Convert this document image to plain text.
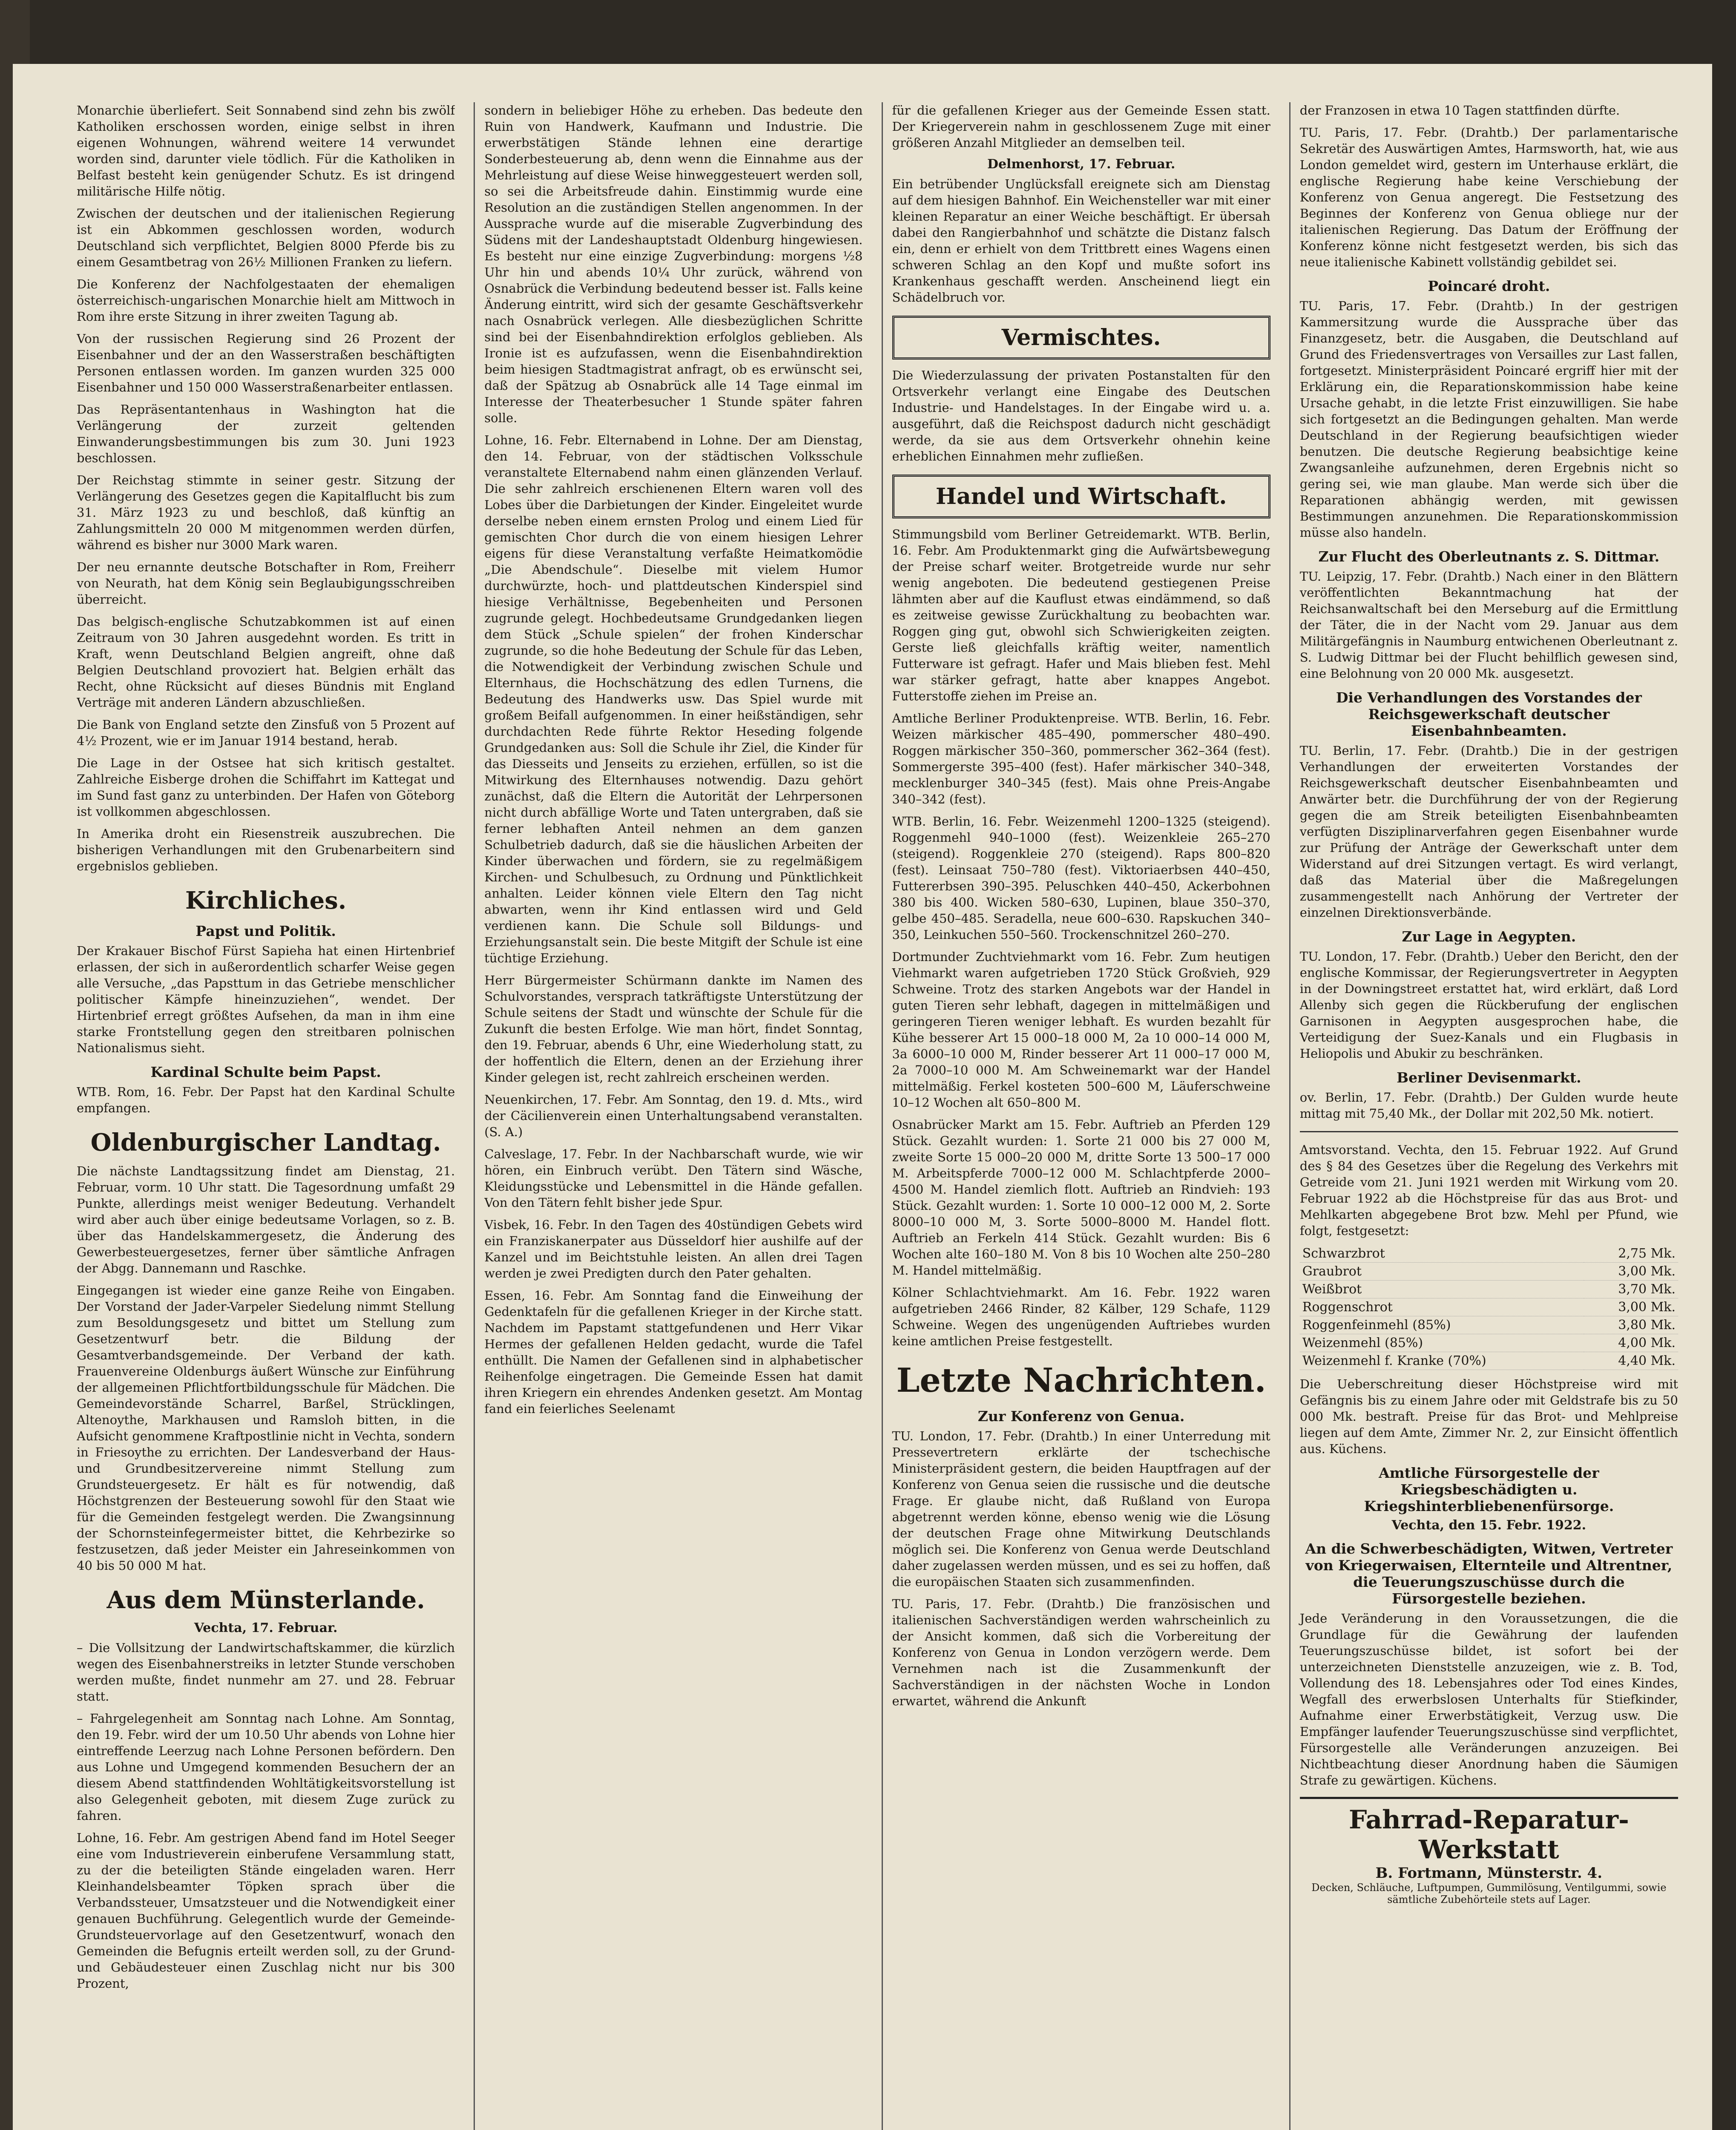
Monarchie überliefert. Seit Sonnabend sind zehn bis zwölf Katholiken erschossen worden, einige selbst in ihren eigenen Wohnungen, während weitere 14 verwundet worden sind, darunter viele tödlich. Für die Katholiken in Belfast besteht kein genügender Schutz. Es ist dringend militärische Hilfe nötig.

Zwischen der deutschen und der italienischen Regierung ist ein Abkommen geschlossen worden, wodurch Deutschland sich verpflichtet, Belgien 8000 Pferde bis zu einem Gesamtbetrag von 26½ Millionen Franken zu liefern.

Die Konferenz der Nachfolgestaaten der ehemaligen österreichisch-ungarischen Monarchie hielt am Mittwoch in Rom ihre erste Sitzung in ihrer zweiten Tagung ab.

Von der russischen Regierung sind 26 Prozent der Eisenbahner und der an den Wasserstraßen beschäftigten Personen entlassen worden. Im ganzen wurden 325 000 Eisenbahner und 150 000 Wasserstraßenarbeiter entlassen.

Das Repräsentantenhaus in Washington hat die Verlängerung der zurzeit geltenden Einwanderungsbestimmungen bis zum 30. Juni 1923 beschlossen.

Der Reichstag stimmte in seiner gestr. Sitzung der Verlängerung des Gesetzes gegen die Kapitalflucht bis zum 31. März 1923 zu und beschloß, daß künftig an Zahlungsmitteln 20 000 M mitgenommen werden dürfen, während es bisher nur 3000 Mark waren.

Der neu ernannte deutsche Botschafter in Rom, Freiherr von Neurath, hat dem König sein Beglaubigungsschreiben überreicht.

Das belgisch-englische Schutzabkommen ist auf einen Zeitraum von 30 Jahren ausgedehnt worden. Es tritt in Kraft, wenn Deutschland Belgien angreift, ohne daß Belgien Deutschland provoziert hat. Belgien erhält das Recht, ohne Rücksicht auf dieses Bündnis mit England Verträge mit anderen Ländern abzuschließen.

Die Bank von England setzte den Zinsfuß von 5 Prozent auf 4½ Prozent, wie er im Januar 1914 bestand, herab.

Die Lage in der Ostsee hat sich kritisch gestaltet. Zahlreiche Eisberge drohen die Schiffahrt im Kattegat und im Sund fast ganz zu unterbinden. Der Hafen von Göteborg ist vollkommen abgeschlossen.

In Amerika droht ein Riesenstreik auszubrechen. Die bisherigen Verhandlungen mit den Grubenarbeitern sind ergebnislos geblieben.

Kirchliches.
Papst und Politik.

Der Krakauer Bischof Fürst Sapieha hat einen Hirtenbrief erlassen, der sich in außerordentlich scharfer Weise gegen alle Versuche, „das Papsttum in das Getriebe menschlicher politischer Kämpfe hineinzuziehen“, wendet. Der Hirtenbrief erregt größtes Aufsehen, da man in ihm eine starke Frontstellung gegen den streitbaren polnischen Nationalismus sieht.

Kardinal Schulte beim Papst.

WTB. Rom, 16. Febr. Der Papst hat den Kardinal Schulte empfangen.

Oldenburgischer Landtag.

Die nächste Landtagssitzung findet am Dienstag, 21. Februar, vorm. 10 Uhr statt. Die Tagesordnung umfaßt 29 Punkte, allerdings meist weniger Bedeutung. Verhandelt wird aber auch über einige bedeutsame Vorlagen, so z. B. über das Handelskammergesetz, die Änderung des Gewerbesteuergesetzes, ferner über sämtliche Anfragen der Abgg. Dannemann und Raschke.

Eingegangen ist wieder eine ganze Reihe von Eingaben. Der Vorstand der Jader-Varpeler Siedelung nimmt Stellung zum Besoldungsgesetz und bittet um Stellung zum Gesetzentwurf betr. die Bildung der Gesamtverbandsgemeinde. Der Verband der kath. Frauenvereine Oldenburgs äußert Wünsche zur Einführung der allgemeinen Pflichtfortbildungsschule für Mädchen. Die Gemeindevorstände Scharrel, Barßel, Strücklingen, Altenoythe, Markhausen und Ramsloh bitten, in die Aufsicht genommene Kraftpostlinie nicht in Vechta, sondern in Friesoythe zu errichten. Der Landesverband der Haus- und Grundbesitzervereine nimmt Stellung zum Grundsteuergesetz. Er hält es für notwendig, daß Höchstgrenzen der Besteuerung sowohl für den Staat wie für die Gemeinden festgelegt werden. Die Zwangsinnung der Schornsteinfegermeister bittet, die Kehrbezirke so festzusetzen, daß jeder Meister ein Jahreseinkommen von 40 bis 50 000 M hat.

Aus dem Münsterlande.
Vechta, 17. Februar.

– Die Vollsitzung der Landwirtschaftskammer, die kürzlich wegen des Eisenbahnerstreiks in letzter Stunde verschoben werden mußte, findet nunmehr am 27. und 28. Februar statt.

– Fahrgelegenheit am Sonntag nach Lohne. Am Sonntag, den 19. Febr. wird der um 10.50 Uhr abends von Lohne hier eintreffende Leerzug nach Lohne Personen befördern. Den aus Lohne und Umgegend kommenden Besuchern der an diesem Abend stattfindenden Wohltätigkeitsvorstellung ist also Gelegenheit geboten, mit diesem Zuge zurück zu fahren.

Lohne, 16. Febr. Am gestrigen Abend fand im Hotel Seeger eine vom Industrieverein einberufene Versammlung statt, zu der die beteiligten Stände eingeladen waren. Herr Kleinhandelsbeamter Töpken sprach über die Verbandssteuer, Umsatzsteuer und die Notwendigkeit einer genauen Buchführung. Gelegentlich wurde der Gemeinde-Grundsteuervorlage auf den Gesetzentwurf, wonach den Gemeinden die Befugnis erteilt werden soll, zu der Grund- und Gebäudesteuer einen Zuschlag nicht nur bis 300 Prozent,

sondern in beliebiger Höhe zu erheben. Das bedeute den Ruin von Handwerk, Kaufmann und Industrie. Die erwerbstätigen Stände lehnen eine derartige Sonderbesteuerung ab, denn wenn die Einnahme aus der Mehrleistung auf diese Weise hinweggesteuert werden soll, so sei die Arbeitsfreude dahin. Einstimmig wurde eine Resolution an die zuständigen Stellen angenommen. In der Aussprache wurde auf die miserable Zugverbindung des Südens mit der Landeshauptstadt Oldenburg hingewiesen. Es besteht nur eine einzige Zugverbindung: morgens ½8 Uhr hin und abends 10¼ Uhr zurück, während von Osnabrück die Verbindung bedeutend besser ist. Falls keine Änderung eintritt, wird sich der gesamte Geschäftsverkehr nach Osnabrück verlegen. Alle diesbezüglichen Schritte sind bei der Eisenbahndirektion erfolglos geblieben. Als Ironie ist es aufzufassen, wenn die Eisenbahndirektion beim hiesigen Stadtmagistrat anfragt, ob es erwünscht sei, daß der Spätzug ab Osnabrück alle 14 Tage einmal im Interesse der Theaterbesucher 1 Stunde später fahren solle.

Lohne, 16. Febr. Elternabend in Lohne. Der am Dienstag, den 14. Februar, von der städtischen Volksschule veranstaltete Elternabend nahm einen glänzenden Verlauf. Die sehr zahlreich erschienenen Eltern waren voll des Lobes über die Darbietungen der Kinder. Eingeleitet wurde derselbe neben einem ernsten Prolog und einem Lied für gemischten Chor durch die von einem hiesigen Lehrer eigens für diese Veranstaltung verfaßte Heimatkomödie „Die Abendschule“. Dieselbe mit vielem Humor durchwürzte, hoch- und plattdeutschen Kinderspiel sind hiesige Verhältnisse, Begebenheiten und Personen zugrunde gelegt. Hochbedeutsame Grundgedanken liegen dem Stück „Schule spielen“ der frohen Kinderschar zugrunde, so die hohe Bedeutung der Schule für das Leben, die Notwendigkeit der Verbindung zwischen Schule und Elternhaus, die Hochschätzung des edlen Turnens, die Bedeutung des Handwerks usw. Das Spiel wurde mit großem Beifall aufgenommen. In einer heißständigen, sehr durchdachten Rede führte Rektor Heseding folgende Grundgedanken aus: Soll die Schule ihr Ziel, die Kinder für das Diesseits und Jenseits zu erziehen, erfüllen, so ist die Mitwirkung des Elternhauses notwendig. Dazu gehört zunächst, daß die Eltern die Autorität der Lehrpersonen nicht durch abfällige Worte und Taten untergraben, daß sie ferner lebhaften Anteil nehmen an dem ganzen Schulbetrieb dadurch, daß sie die häuslichen Arbeiten der Kinder überwachen und fördern, sie zu regelmäßigem Kirchen- und Schulbesuch, zu Ordnung und Pünktlichkeit anhalten. Leider können viele Eltern den Tag nicht abwarten, wenn ihr Kind entlassen wird und Geld verdienen kann. Die Schule soll Bildungs- und Erziehungsanstalt sein. Die beste Mitgift der Schule ist eine tüchtige Erziehung.

Herr Bürgermeister Schürmann dankte im Namen des Schulvorstandes, versprach tatkräftigste Unterstützung der Schule seitens der Stadt und wünschte der Schule für die Zukunft die besten Erfolge. Wie man hört, findet Sonntag, den 19. Februar, abends 6 Uhr, eine Wiederholung statt, zu der hoffentlich die Eltern, denen an der Erziehung ihrer Kinder gelegen ist, recht zahlreich erscheinen werden.

Neuenkirchen, 17. Febr. Am Sonntag, den 19. d. Mts., wird der Cäcilienverein einen Unterhaltungsabend veranstalten. (S. A.)

Calveslage, 17. Febr. In der Nachbarschaft wurde, wie wir hören, ein Einbruch verübt. Den Tätern sind Wäsche, Kleidungsstücke und Lebensmittel in die Hände gefallen. Von den Tätern fehlt bisher jede Spur.

Visbek, 16. Febr. In den Tagen des 40stündigen Gebets wird ein Franziskanerpater aus Düsseldorf hier aushilfe auf der Kanzel und im Beichtstuhle leisten. An allen drei Tagen werden je zwei Predigten durch den Pater gehalten.

Essen, 16. Febr. Am Sonntag fand die Einweihung der Gedenktafeln für die gefallenen Krieger in der Kirche statt. Nachdem im Papstamt stattgefundenen und Herr Vikar Hermes der gefallenen Helden gedacht, wurde die Tafel enthüllt. Die Namen der Gefallenen sind in alphabetischer Reihenfolge eingetragen. Die Gemeinde Essen hat damit ihren Kriegern ein ehrendes Andenken gesetzt. Am Montag fand ein feierliches Seelenamt

für die gefallenen Krieger aus der Gemeinde Essen statt. Der Kriegerverein nahm in geschlossenem Zuge mit einer größeren Anzahl Mitglieder an demselben teil.

Delmenhorst, 17. Februar.

Ein betrübender Unglücksfall ereignete sich am Dienstag auf dem hiesigen Bahnhof. Ein Weichensteller war mit einer kleinen Reparatur an einer Weiche beschäftigt. Er übersah dabei den Rangierbahnhof und schätzte die Distanz falsch ein, denn er erhielt von dem Trittbrett eines Wagens einen schweren Schlag an den Kopf und mußte sofort ins Krankenhaus geschafft werden. Anscheinend liegt ein Schädelbruch vor.

Vermischtes.

Die Wiederzulassung der privaten Postanstalten für den Ortsverkehr verlangt eine Eingabe des Deutschen Industrie- und Handelstages. In der Eingabe wird u. a. ausgeführt, daß die Reichspost dadurch nicht geschädigt werde, da sie aus dem Ortsverkehr ohnehin keine erheblichen Einnahmen mehr zufließen.

Handel und Wirtschaft.

Stimmungsbild vom Berliner Getreidemarkt. WTB. Berlin, 16. Febr. Am Produktenmarkt ging die Aufwärtsbewegung der Preise scharf weiter. Brotgetreide wurde nur sehr wenig angeboten. Die bedeutend gestiegenen Preise lähmten aber auf die Kauflust etwas eindämmend, so daß es zeitweise gewisse Zurückhaltung zu beobachten war. Roggen ging gut, obwohl sich Schwierigkeiten zeigten. Gerste ließ gleichfalls kräftig weiter, namentlich Futterware ist gefragt. Hafer und Mais blieben fest. Mehl war stärker gefragt, hatte aber knappes Angebot. Futterstoffe ziehen im Preise an.

Amtliche Berliner Produktenpreise. WTB. Berlin, 16. Febr. Weizen märkischer 485–490, pommerscher 480–490. Roggen märkischer 350–360, pommerscher 362–364 (fest). Sommergerste 395–400 (fest). Hafer märkischer 340–348, mecklenburger 340–345 (fest). Mais ohne Preis-Angabe 340–342 (fest).

WTB. Berlin, 16. Febr. Weizenmehl 1200–1325 (steigend). Roggenmehl 940–1000 (fest). Weizenkleie 265–270 (steigend). Roggenkleie 270 (steigend). Raps 800–820 (fest). Leinsaat 750–780 (fest). Viktoriaerbsen 440–450, Futtererbsen 390–395. Peluschken 440–450, Ackerbohnen 380 bis 400. Wicken 580–630, Lupinen, blaue 350–370, gelbe 450–485. Seradella, neue 600–630. Rapskuchen 340–350, Leinkuchen 550–560. Trockenschnitzel 260–270.

Dortmunder Zuchtviehmarkt vom 16. Febr. Zum heutigen Viehmarkt waren aufgetrieben 1720 Stück Großvieh, 929 Schweine. Trotz des starken Angebots war der Handel in guten Tieren sehr lebhaft, dagegen in mittelmäßigen und geringeren Tieren weniger lebhaft. Es wurden bezahlt für Kühe besserer Art 15 000–18 000 M, 2a 10 000–14 000 M, 3a 6000–10 000 M, Rinder besserer Art 11 000–17 000 M, 2a 7000–10 000 M. Am Schweinemarkt war der Handel mittelmäßig. Ferkel kosteten 500–600 M, Läuferschweine 10–12 Wochen alt 650–800 M.

Osnabrücker Markt am 15. Febr. Auftrieb an Pferden 129 Stück. Gezahlt wurden: 1. Sorte 21 000 bis 27 000 M, zweite Sorte 15 000–20 000 M, dritte Sorte 13 500–17 000 M. Arbeitspferde 7000–12 000 M. Schlachtpferde 2000–4500 M. Handel ziemlich flott. Auftrieb an Rindvieh: 193 Stück. Gezahlt wurden: 1. Sorte 10 000–12 000 M, 2. Sorte 8000–10 000 M, 3. Sorte 5000–8000 M. Handel flott. Auftrieb an Ferkeln 414 Stück. Gezahlt wurden: Bis 6 Wochen alte 160–180 M. Von 8 bis 10 Wochen alte 250–280 M. Handel mittelmäßig.

Kölner Schlachtviehmarkt. Am 16. Febr. 1922 waren aufgetrieben 2466 Rinder, 82 Kälber, 129 Schafe, 1129 Schweine. Wegen des ungenügenden Auftriebes wurden keine amtlichen Preise festgestellt.

Letzte Nachrichten.
Zur Konferenz von Genua.

TU. London, 17. Febr. (Drahtb.) In einer Unterredung mit Pressevertretern erklärte der tschechische Ministerpräsident gestern, die beiden Hauptfragen auf der Konferenz von Genua seien die russische und die deutsche Frage. Er glaube nicht, daß Rußland von Europa abgetrennt werden könne, ebenso wenig wie die Lösung der deutschen Frage ohne Mitwirkung Deutschlands möglich sei. Die Konferenz von Genua werde Deutschland daher zugelassen werden müssen, und es sei zu hoffen, daß die europäischen Staaten sich zusammenfinden.

TU. Paris, 17. Febr. (Drahtb.) Die französischen und italienischen Sachverständigen werden wahrscheinlich zu der Ansicht kommen, daß sich die Vorbereitung der Konferenz von Genua in London verzögern werde. Dem Vernehmen nach ist die Zusammenkunft der Sachverständigen in der nächsten Woche in London erwartet, während die Ankunft

der Franzosen in etwa 10 Tagen stattfinden dürfte.

TU. Paris, 17. Febr. (Drahtb.) Der parlamentarische Sekretär des Auswärtigen Amtes, Harmsworth, hat, wie aus London gemeldet wird, gestern im Unterhause erklärt, die englische Regierung habe keine Verschiebung der Konferenz von Genua angeregt. Die Festsetzung des Beginnes der Konferenz von Genua obliege nur der italienischen Regierung. Das Datum der Eröffnung der Konferenz könne nicht festgesetzt werden, bis sich das neue italienische Kabinett vollständig gebildet sei.

Poincaré droht.

TU. Paris, 17. Febr. (Drahtb.) In der gestrigen Kammersitzung wurde die Aussprache über das Finanzgesetz, betr. die Ausgaben, die Deutschland auf Grund des Friedensvertrages von Versailles zur Last fallen, fortgesetzt. Ministerpräsident Poincaré ergriff hier mit der Erklärung ein, die Reparationskommission habe keine Ursache gehabt, in die letzte Frist einzuwilligen. Sie habe sich fortgesetzt an die Bedingungen gehalten. Man werde Deutschland in der Regierung beaufsichtigen wieder benutzen. Die deutsche Regierung beabsichtige keine Zwangsanleihe aufzunehmen, deren Ergebnis nicht so gering sei, wie man glaube. Man werde sich über die Reparationen abhängig werden, mit gewissen Bestimmungen anzunehmen. Die Reparationskommission müsse also handeln.

Zur Flucht des Oberleutnants z. S. Dittmar.

TU. Leipzig, 17. Febr. (Drahtb.) Nach einer in den Blättern veröffentlichten Bekanntmachung hat der Reichsanwaltschaft bei den Merseburg auf die Ermittlung der Täter, die in der Nacht vom 29. Januar aus dem Militärgefängnis in Naumburg entwichenen Oberleutnant z. S. Ludwig Dittmar bei der Flucht behilflich gewesen sind, eine Belohnung von 20 000 Mk. ausgesetzt.

Die Verhandlungen des Vorstandes der Reichsgewerkschaft deutscher Eisenbahnbeamten.

TU. Berlin, 17. Febr. (Drahtb.) Die in der gestrigen Verhandlungen der erweiterten Vorstandes der Reichsgewerkschaft deutscher Eisenbahnbeamten und Anwärter betr. die Durchführung der von der Regierung gegen die am Streik beteiligten Eisenbahnbeamten verfügten Disziplinarverfahren gegen Eisenbahner wurde zur Prüfung der Anträge der Gewerkschaft unter dem Widerstand auf drei Sitzungen vertagt. Es wird verlangt, daß das Material über die Maßregelungen zusammengestellt nach Anhörung der Vertreter der einzelnen Direktionsverbände.

Zur Lage in Aegypten.

TU. London, 17. Febr. (Drahtb.) Ueber den Bericht, den der englische Kommissar, der Regierungsvertreter in Aegypten in der Downingstreet erstattet hat, wird erklärt, daß Lord Allenby sich gegen die Rückberufung der englischen Garnisonen in Aegypten ausgesprochen habe, die Verteidigung der Suez-Kanals und ein Flugbasis in Heliopolis und Abukir zu beschränken.

Berliner Devisenmarkt.

ov. Berlin, 17. Febr. (Drahtb.) Der Gulden wurde heute mittag mit 75,40 Mk., der Dollar mit 202,50 Mk. notiert.

Amtsvorstand. Vechta, den 15. Februar 1922. Auf Grund des § 84 des Gesetzes über die Regelung des Verkehrs mit Getreide vom 21. Juni 1921 werden mit Wirkung vom 20. Februar 1922 ab die Höchstpreise für das aus Brot- und Mehlkarten abgegebene Brot bzw. Mehl per Pfund, wie folgt, festgesetzt:

Schwarzbrot	2,75 Mk.
Graubrot	3,00 Mk.
Weißbrot	3,70 Mk.
Roggenschrot	3,00 Mk.
Roggenfeinmehl (85%)	3,80 Mk.
Weizenmehl (85%)	4,00 Mk.
Weizenmehl f. Kranke (70%)	4,40 Mk.

Die Ueberschreitung dieser Höchstpreise wird mit Gefängnis bis zu einem Jahre oder mit Geldstrafe bis zu 50 000 Mk. bestraft. Preise für das Brot- und Mehlpreise liegen auf dem Amte, Zimmer Nr. 2, zur Einsicht öffentlich aus. Küchens.

Amtliche Fürsorgestelle der Kriegsbeschädigten u. Kriegshinterbliebenenfürsorge.
Vechta, den 15. Febr. 1922.
An die Schwerbeschädigten, Witwen, Vertreter von Kriegerwaisen, Elternteile und Altrentner, die Teuerungszuschüsse durch die Fürsorgestelle beziehen.

Jede Veränderung in den Voraussetzungen, die die Grundlage für die Gewährung der laufenden Teuerungszuschüsse bildet, ist sofort bei der unterzeichneten Dienststelle anzuzeigen, wie z. B. Tod, Vollendung des 18. Lebensjahres oder Tod eines Kindes, Wegfall des erwerbslosen Unterhalts für Stiefkinder, Aufnahme einer Erwerbstätigkeit, Verzug usw. Die Empfänger laufender Teuerungszuschüsse sind verpflichtet, Fürsorgestelle alle Veränderungen anzuzeigen. Bei Nichtbeachtung dieser Anordnung haben die Säumigen Strafe zu gewärtigen. Küchens.

Fahrrad-Reparatur-Werkstatt
B. Fortmann, Münsterstr. 4.
Decken, Schläuche, Luftpumpen, Gummilösung, Ventilgummi, sowie sämtliche Zubehörteile stets auf Lager.
